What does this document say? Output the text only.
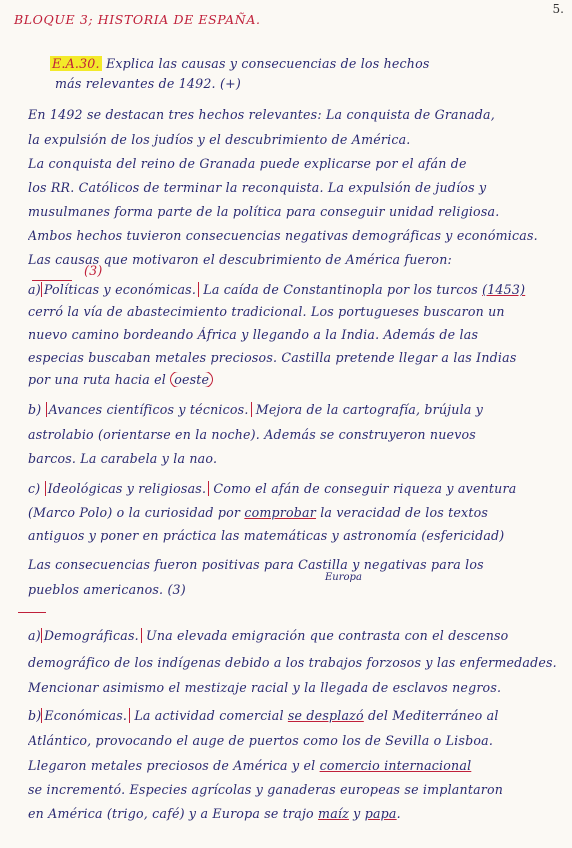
5.
BLOQUE 3; HISTORIA DE ESPAÑA.
E.A.30. Explica las causas y consecuencias de los hechos
más relevantes de 1492. (+)
En 1492 se destacan tres hechos relevantes: La conquista de Granada,
la expulsión de los judíos y el descubrimiento de América.
La conquista del reino de Granada puede explicarse por el afán de
los RR. Católicos de terminar la reconquista. La expulsión de judíos y
musulmanes forma parte de la política para conseguir unidad religiosa.
Ambos hechos tuvieron consecuencias negativas demográficas y económicas.
Las causas que motivaron el descubrimiento de América fueron:
(3)
a) Políticas y económicas. La caída de Constantinopla por los turcos (1453)
cerró la vía de abastecimiento tradicional. Los portugueses buscaron un
nuevo camino bordeando África y llegando a la India. Además de las
especias buscaban metales preciosos. Castilla pretende llegar a las Indias
por una ruta hacia el oeste
b) Avances científicos y técnicos. Mejora de la cartografía, brújula y
astrolabio (orientarse en la noche). Además se construyeron nuevos
barcos. La carabela y la nao.
c) Ideológicas y religiosas. Como el afán de conseguir riqueza y aventura
(Marco Polo) o la curiosidad por comprobar la veracidad de los textos
antiguos y poner en práctica las matemáticas y astronomía (esfericidad)
Las consecuencias fueron positivas para Castilla y negativas para los
Europa
pueblos americanos. (3)
a) Demográficas. Una elevada emigración que contrasta con el descenso
demográfico de los indígenas debido a los trabajos forzosos y las enfermedades.
Mencionar asimismo el mestizaje racial y la llegada de esclavos negros.
b) Económicas. La actividad comercial se desplazó del Mediterráneo al
Atlántico, provocando el auge de puertos como los de Sevilla o Lisboa.
Llegaron metales preciosos de América y el comercio internacional
se incrementó. Especies agrícolas y ganaderas europeas se implantaron
en América (trigo, café) y a Europa se trajo maíz y papa.
